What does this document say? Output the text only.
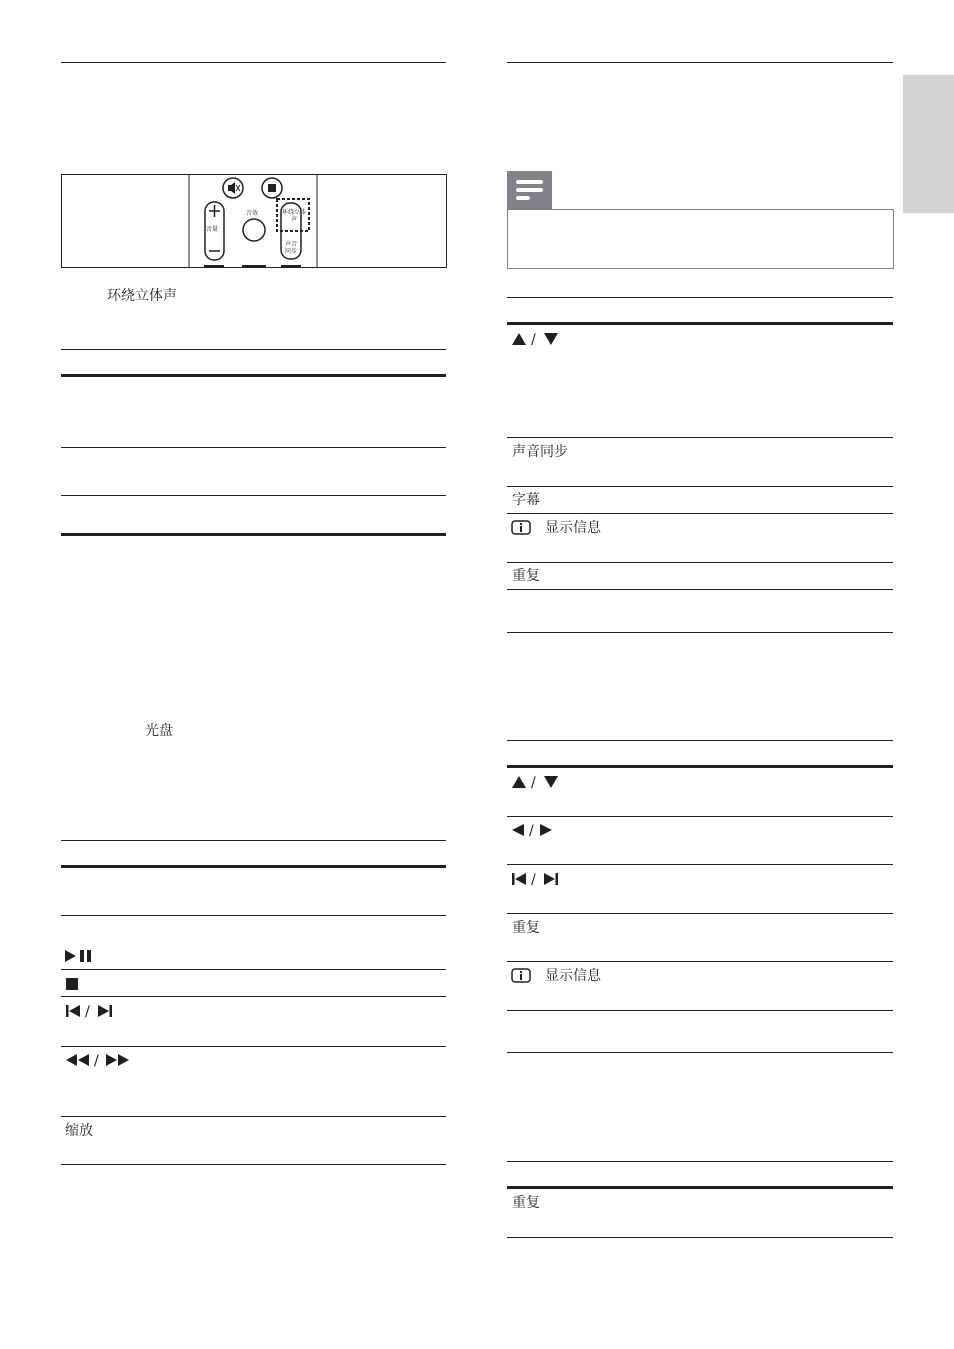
音量
音效	环绕立体声
声音同步
环绕立体声
光盘
/
/
缩放
/
声音同步
字幕
显示信息
重复
/
/
/
重复
显示信息
重复
